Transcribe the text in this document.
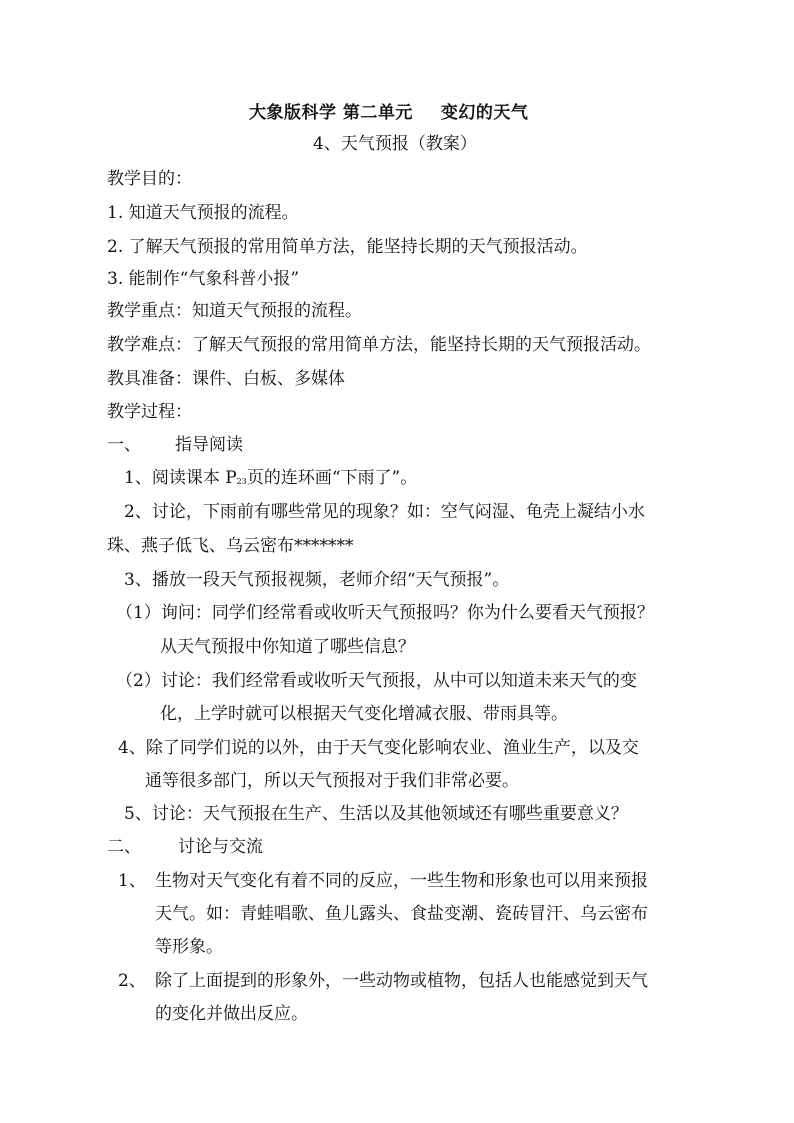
大象版科学 第二单元 变幻的天气
4、天气预报（教案）
教学目的：
1. 知道天气预报的流程。
2. 了解天气预报的常用简单方法，能坚持长期的天气预报活动。
3. 能制作“气象科普小报”
教学重点：知道天气预报的流程。
教学难点：了解天气预报的常用简单方法，能坚持长期的天气预报活动。
教具准备：课件、白板、多媒体
教学过程：
一、 指导阅读
1、阅读课本 P23页的连环画“下雨了”。
2、讨论，下雨前有哪些常见的现象？如：空气闷湿、龟壳上凝结小水
珠、燕子低飞、乌云密布*******
3、播放一段天气预报视频，老师介绍“天气预报”。
（1）询问：同学们经常看或收听天气预报吗？你为什么要看天气预报？
从天气预报中你知道了哪些信息？
（2）讨论：我们经常看或收听天气预报，从中可以知道未来天气的变
化，上学时就可以根据天气变化增减衣服、带雨具等。
4、除了同学们说的以外，由于天气变化影响农业、渔业生产，以及交
通等很多部门，所以天气预报对于我们非常必要。
5、讨论：天气预报在生产、生活以及其他领域还有哪些重要意义？
二、 讨论与交流
1、 生物对天气变化有着不同的反应，一些生物和形象也可以用来预报
天气。如：青蛙唱歌、鱼儿露头、食盐变潮、瓷砖冒汗、乌云密布
等形象。
2、 除了上面提到的形象外，一些动物或植物，包括人也能感觉到天气
的变化并做出反应。
